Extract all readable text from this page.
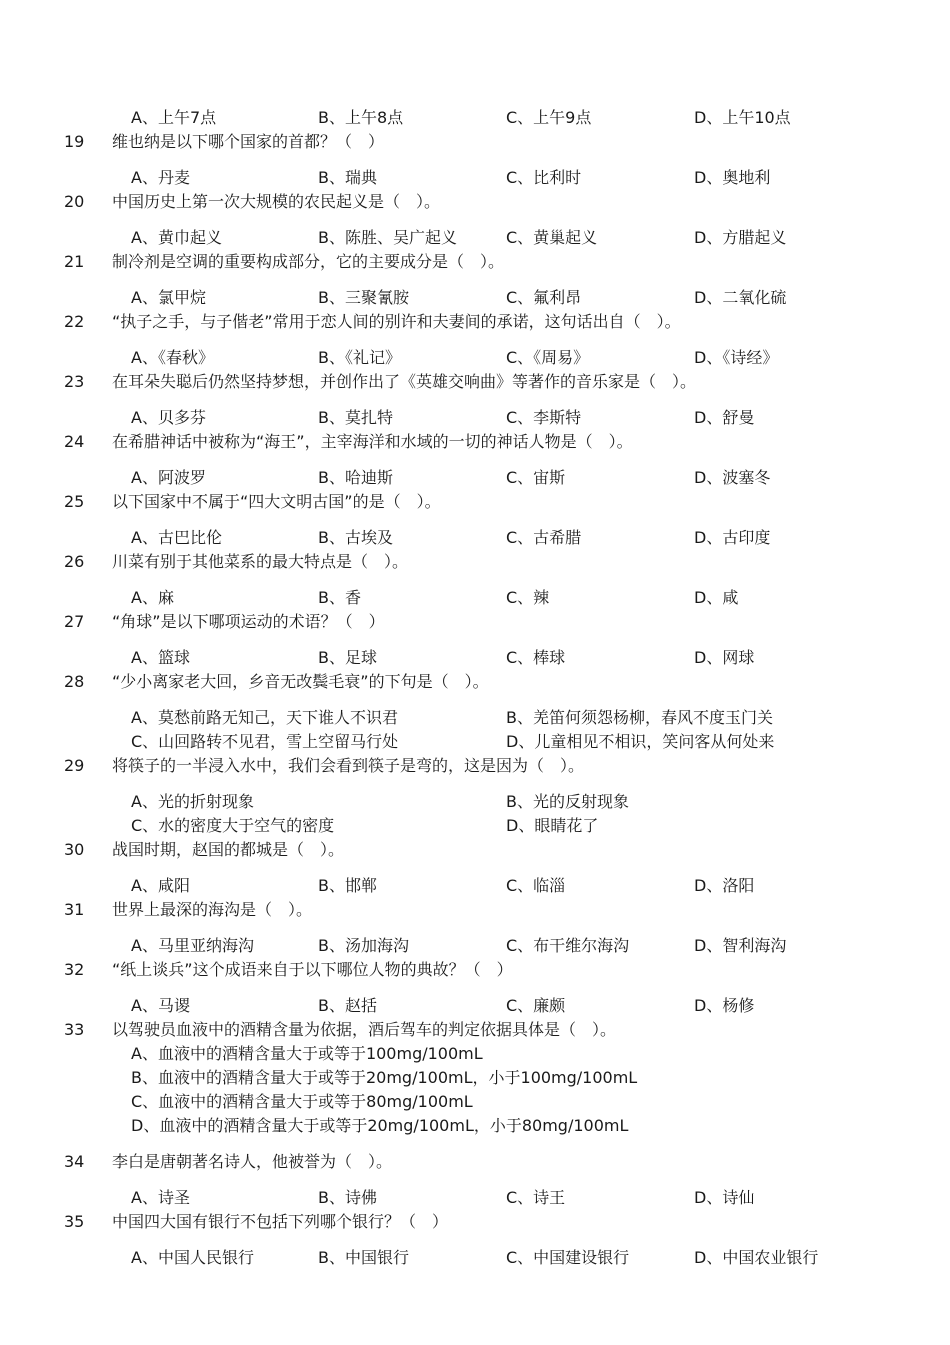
A、上午7点	B、上午8点	C、上午9点	D、上午10点
19	维也纳是以下哪个国家的首都？（　）
A、丹麦	B、瑞典	C、比利时	D、奥地利
20	中国历史上第一次大规模的农民起义是（　）。
A、黄巾起义	B、陈胜、吴广起义	C、黄巢起义	D、方腊起义
21	制冷剂是空调的重要构成部分，它的主要成分是（　）。
A、氯甲烷	B、三聚氰胺	C、氟利昂	D、二氧化硫
22	“执子之手，与子偕老”常用于恋人间的别许和夫妻间的承诺，这句话出自（　）。
A、《春秋》	B、《礼记》	C、《周易》	D、《诗经》
23	在耳朵失聪后仍然坚持梦想，并创作出了《英雄交响曲》等著作的音乐家是（　）。
A、贝多芬	B、莫扎特	C、李斯特	D、舒曼
24	在希腊神话中被称为“海王”，主宰海洋和水域的一切的神话人物是（　）。
A、阿波罗	B、哈迪斯	C、宙斯	D、波塞冬
25	以下国家中不属于“四大文明古国”的是（　）。
A、古巴比伦	B、古埃及	C、古希腊	D、古印度
26	川菜有别于其他菜系的最大特点是（　）。
A、麻	B、香	C、辣	D、咸
27	“角球”是以下哪项运动的术语？（　）
A、篮球	B、足球	C、棒球	D、网球
28	“少小离家老大回，乡音无改鬓毛衰”的下句是（　）。
A、莫愁前路无知己，天下谁人不识君	B、羌笛何须怨杨柳，春风不度玉门关
C、山回路转不见君，雪上空留马行处	D、儿童相见不相识，笑问客从何处来
29	将筷子的一半浸入水中，我们会看到筷子是弯的，这是因为（　）。
A、光的折射现象	B、光的反射现象
C、水的密度大于空气的密度	D、眼睛花了
30	战国时期，赵国的都城是（　）。
A、咸阳	B、邯郸	C、临淄	D、洛阳
31	世界上最深的海沟是（　）。
A、马里亚纳海沟	B、汤加海沟	C、布干维尔海沟	D、智利海沟
32	“纸上谈兵”这个成语来自于以下哪位人物的典故？（　）
A、马谡	B、赵括	C、廉颇	D、杨修
33	以驾驶员血液中的酒精含量为依据，酒后驾车的判定依据具体是（　）。
A、血液中的酒精含量大于或等于100mg/100mL
B、血液中的酒精含量大于或等于20mg/100mL，小于100mg/100mL
C、血液中的酒精含量大于或等于80mg/100mL
D、血液中的酒精含量大于或等于20mg/100mL，小于80mg/100mL
34	李白是唐朝著名诗人，他被誉为（　）。
A、诗圣	B、诗佛	C、诗王	D、诗仙
35	中国四大国有银行不包括下列哪个银行？（　）
A、中国人民银行	B、中国银行	C、中国建设银行	D、中国农业银行
